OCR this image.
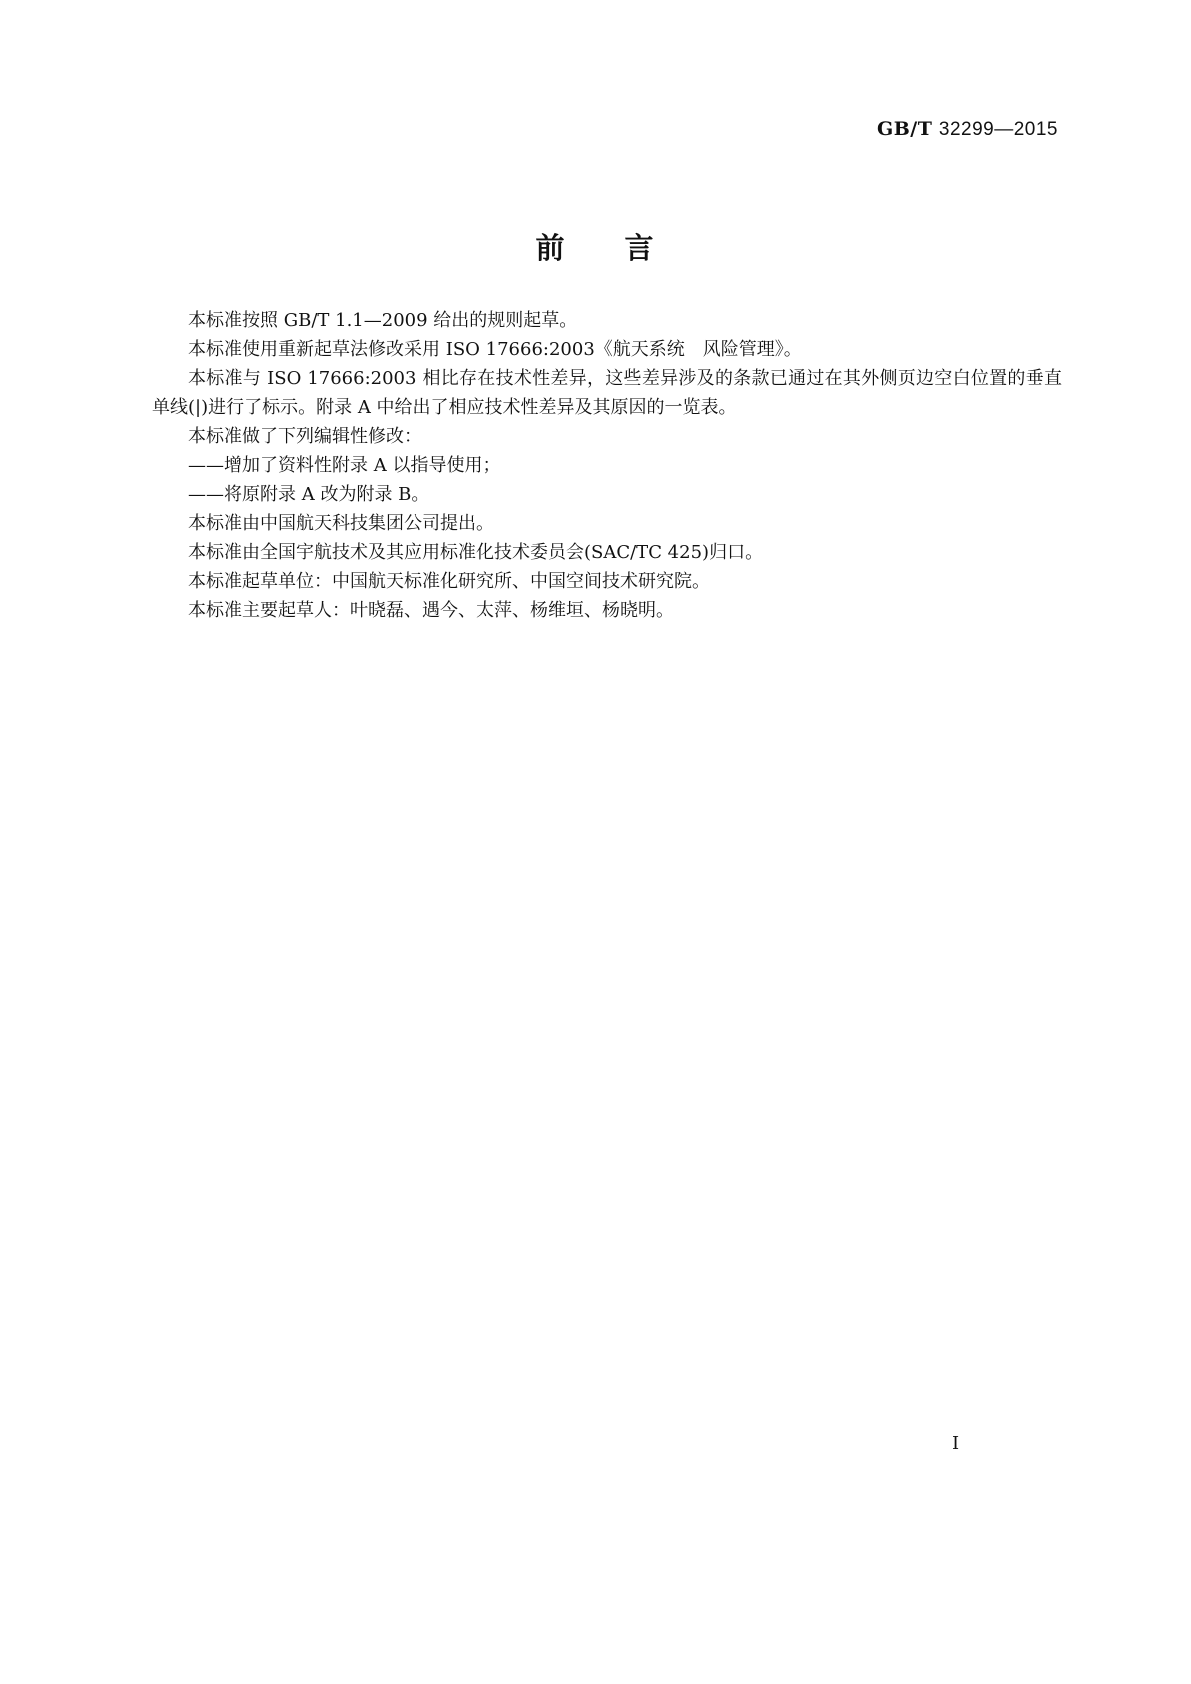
GB/T 32299—2015
前 言

本标准按照 GB/T 1.1—2009 给出的规则起草。

本标准使用重新起草法修改采用 ISO 17666:2003《航天系统　风险管理》。

本标准与 ISO 17666:2003 相比存在技术性差异，这些差异涉及的条款已通过在其外侧页边空白位置的垂直单线(|)进行了标示。附录 A 中给出了相应技术性差异及其原因的一览表。

本标准做了下列编辑性修改：

——增加了资料性附录 A 以指导使用；

——将原附录 A 改为附录 B。

本标准由中国航天科技集团公司提出。

本标准由全国宇航技术及其应用标准化技术委员会(SAC/TC 425)归口。

本标准起草单位：中国航天标准化研究所、中国空间技术研究院。

本标准主要起草人：叶晓磊、遇今、太萍、杨维垣、杨晓明。

I
